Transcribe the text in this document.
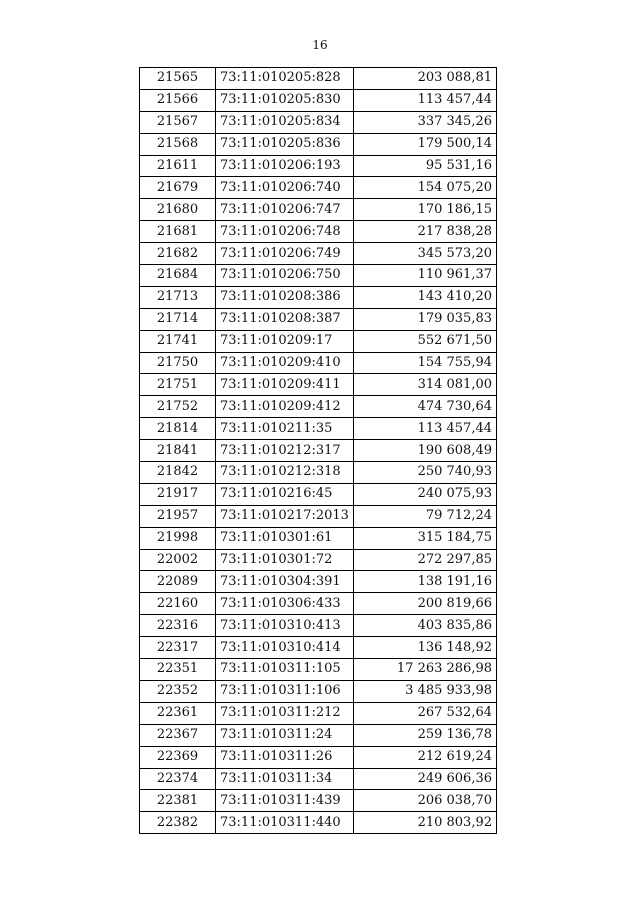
16
21565	73:11:010205:828	203 088,81
21566	73:11:010205:830	113 457,44
21567	73:11:010205:834	337 345,26
21568	73:11:010205:836	179 500,14
21611	73:11:010206:193	95 531,16
21679	73:11:010206:740	154 075,20
21680	73:11:010206:747	170 186,15
21681	73:11:010206:748	217 838,28
21682	73:11:010206:749	345 573,20
21684	73:11:010206:750	110 961,37
21713	73:11:010208:386	143 410,20
21714	73:11:010208:387	179 035,83
21741	73:11:010209:17	552 671,50
21750	73:11:010209:410	154 755,94
21751	73:11:010209:411	314 081,00
21752	73:11:010209:412	474 730,64
21814	73:11:010211:35	113 457,44
21841	73:11:010212:317	190 608,49
21842	73:11:010212:318	250 740,93
21917	73:11:010216:45	240 075,93
21957	73:11:010217:2013	79 712,24
21998	73:11:010301:61	315 184,75
22002	73:11:010301:72	272 297,85
22089	73:11:010304:391	138 191,16
22160	73:11:010306:433	200 819,66
22316	73:11:010310:413	403 835,86
22317	73:11:010310:414	136 148,92
22351	73:11:010311:105	17 263 286,98
22352	73:11:010311:106	3 485 933,98
22361	73:11:010311:212	267 532,64
22367	73:11:010311:24	259 136,78
22369	73:11:010311:26	212 619,24
22374	73:11:010311:34	249 606,36
22381	73:11:010311:439	206 038,70
22382	73:11:010311:440	210 803,92
